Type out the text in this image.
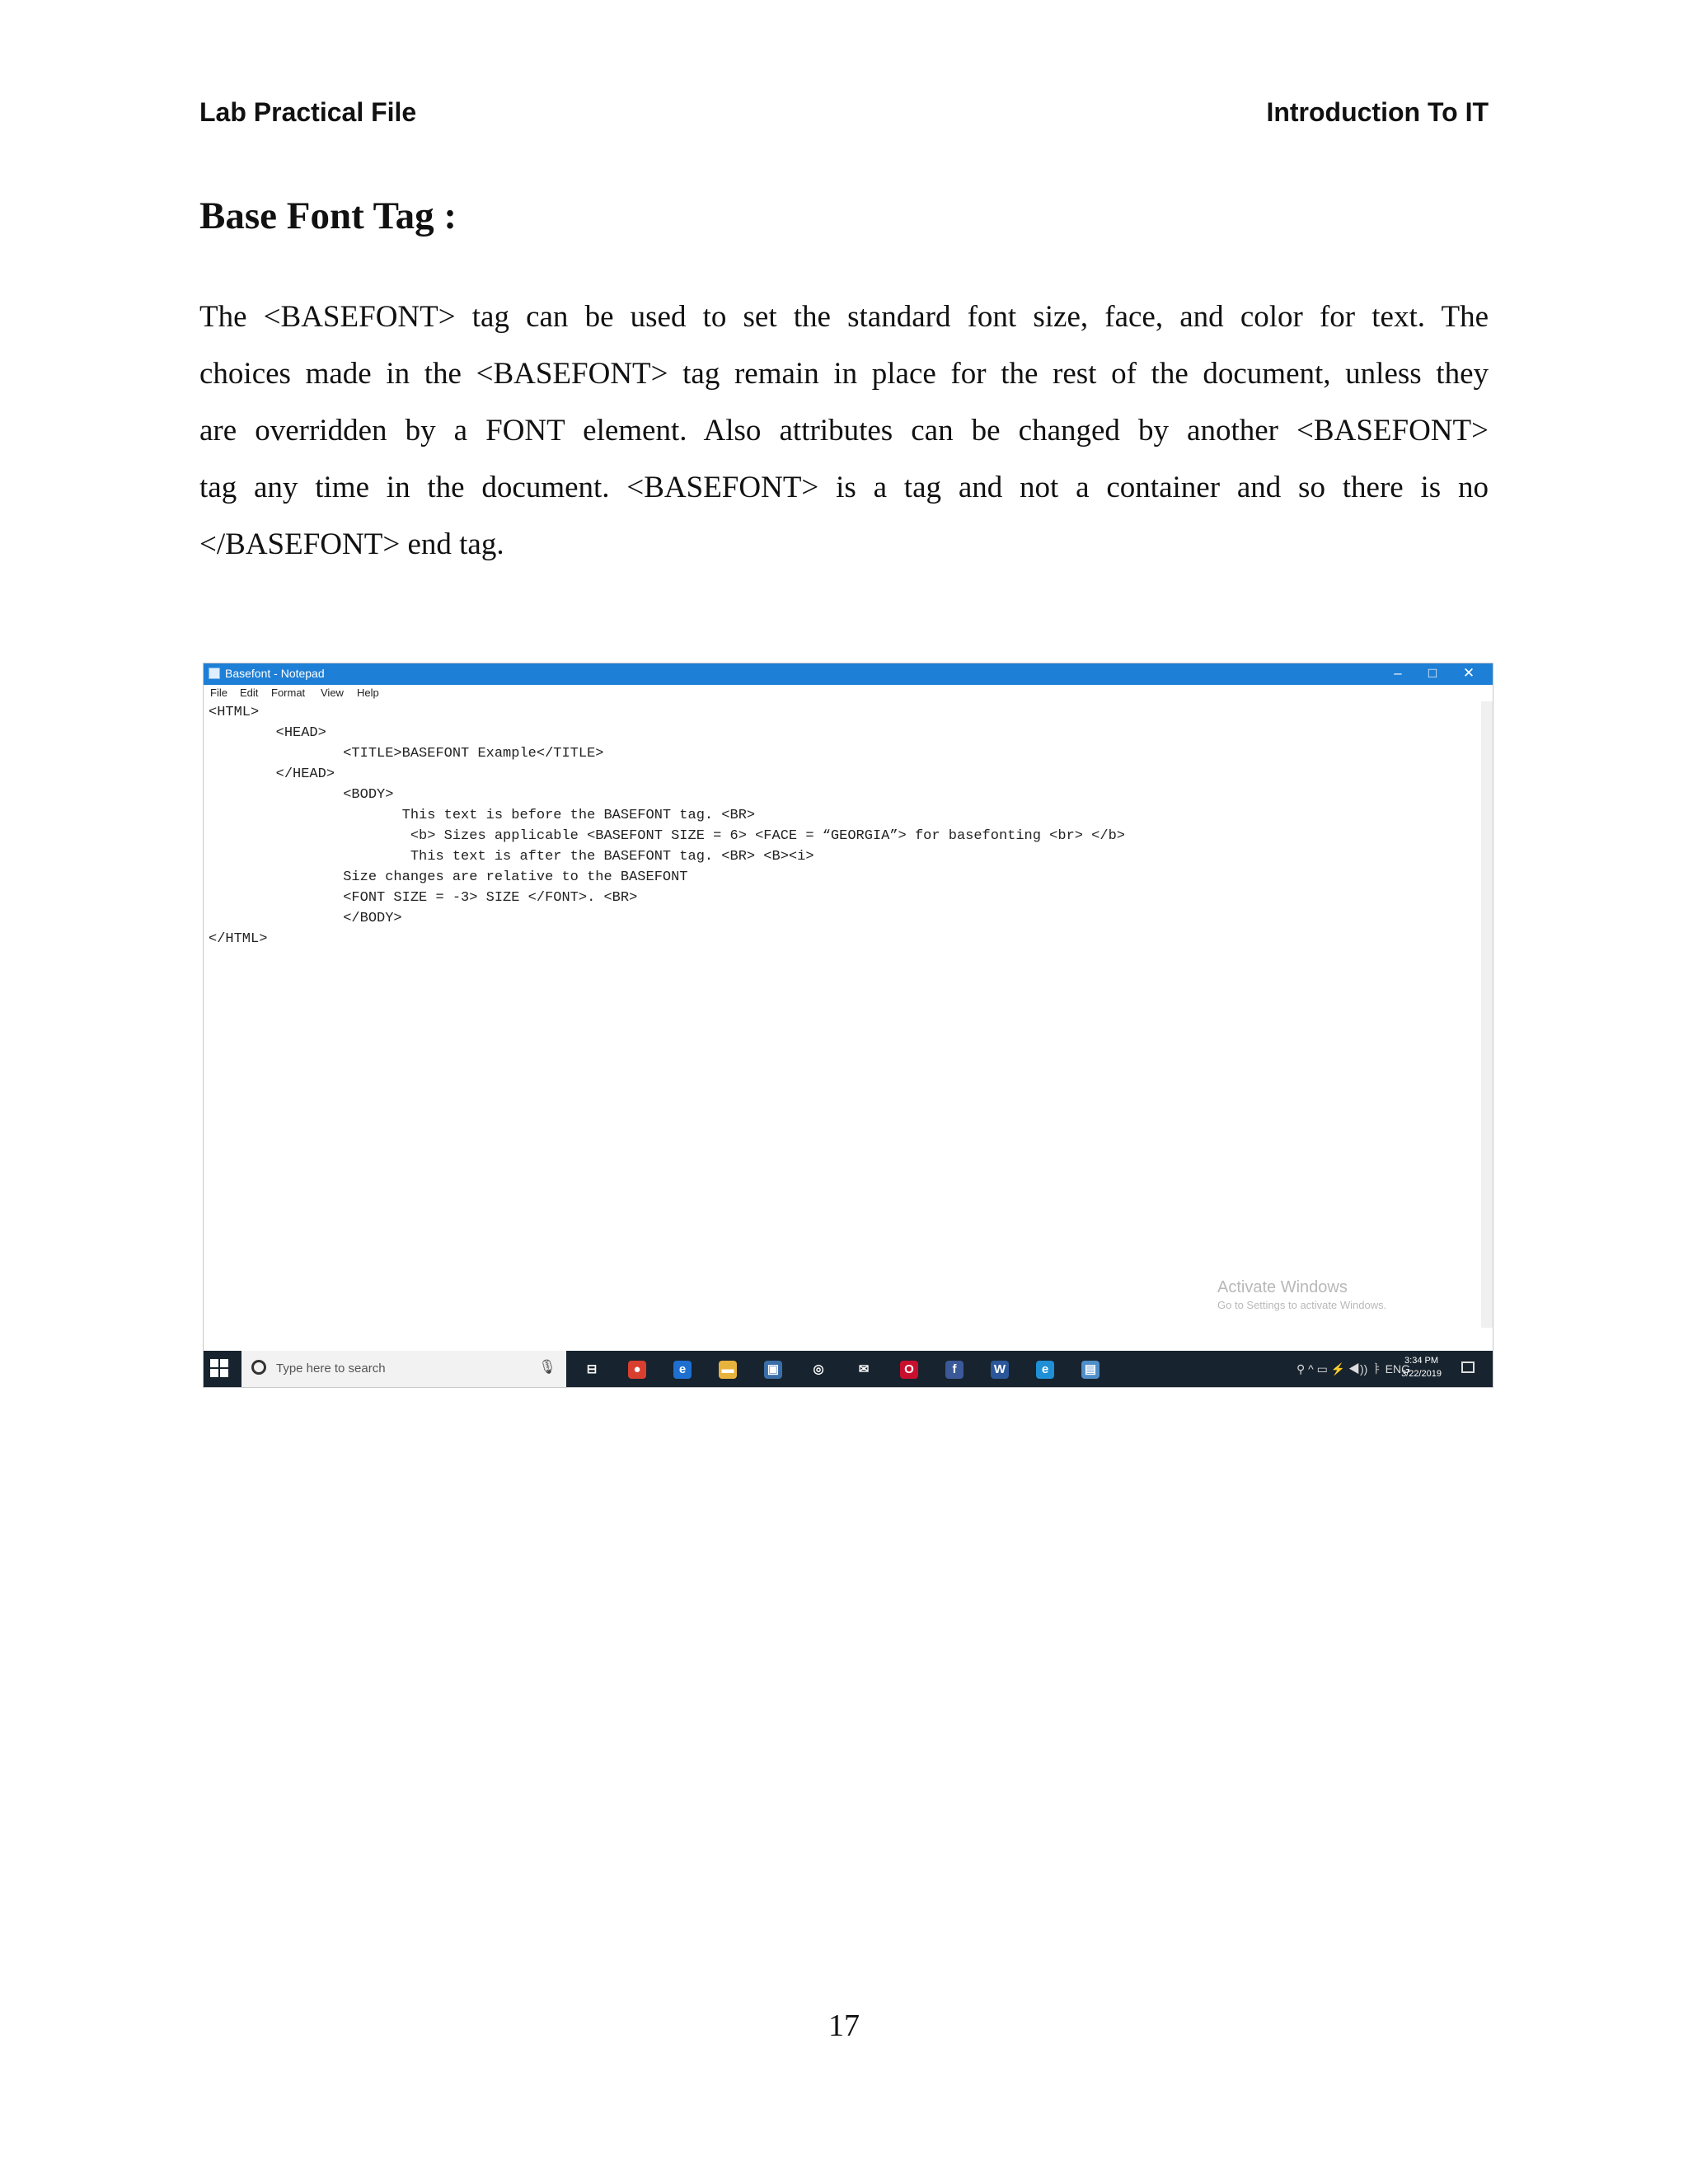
Lab Practical File	Introduction To IT
Base Font Tag :
The <BASEFONT> tag can be used to set the standard font size, face, and color for text. The
choices made in the <BASEFONT> tag remain in place for the rest of the document, unless they
are overridden by a FONT element. Also attributes can be changed by another <BASEFONT>
tag any time in the document. <BASEFONT> is a tag and not a container and so there is no
</BASEFONT> end tag.
Basefont - Notepad	–	□	✕
File Edit Format View Help
<HTML>
<HEAD>
<TITLE>BASEFONT Example</TITLE>
</HEAD>
<BODY>
This text is before the BASEFONT tag. <BR>
<b> Sizes applicable <BASEFONT SIZE = 6> <FACE = “GEORGIA”> for basefonting <br> </b>
This text is after the BASEFONT tag. <BR> <B><i>
Size changes are relative to the BASEFONT
<FONT SIZE = -3> SIZE </FONT>. <BR>
</BODY>
</HTML>
Activate Windows
Go to Settings to activate Windows.
Type here to search	🎙	⊟	●	e	▬	▣	◎	✉	O	f	W	e	▤	⚲ ^ ▭ ⚡ ◀)) ㅑ ENG
3:34 PM
3/22/2019
17
